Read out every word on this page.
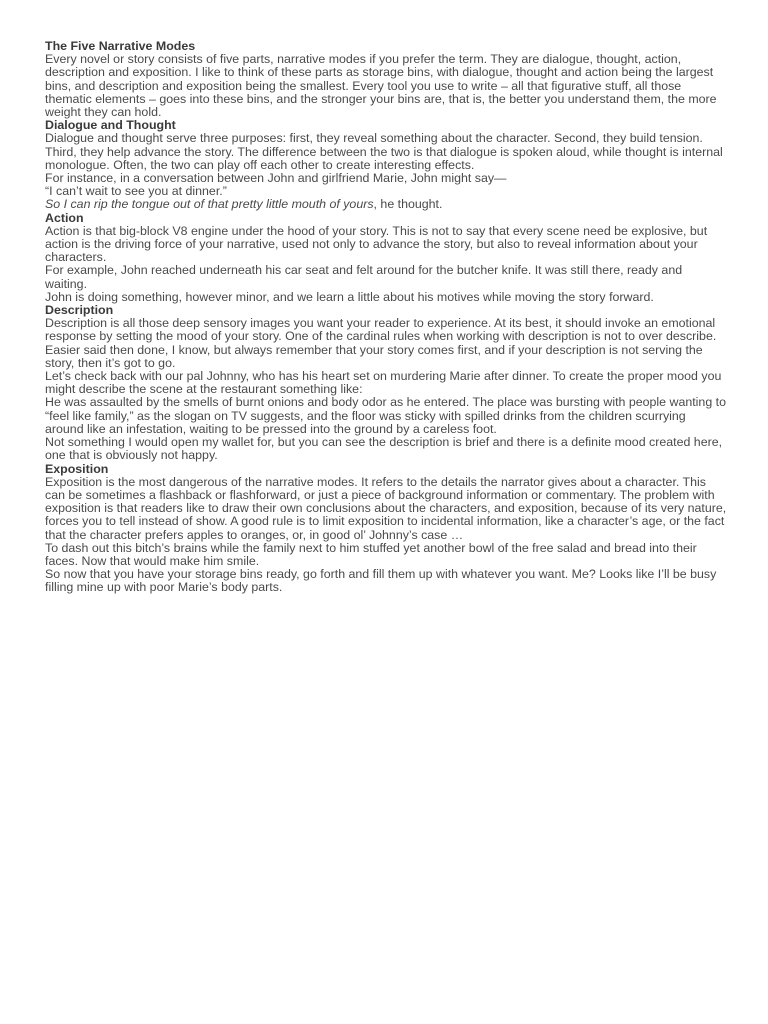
The Five Narrative Modes

Every novel or story consists of five parts, narrative modes if you prefer the term. They are dialogue, thought, action, description and exposition. I like to think of these parts as storage bins, with dialogue, thought and action being the largest bins, and description and exposition being the smallest. Every tool you use to write – all that figurative stuff, all those thematic elements – goes into these bins, and the stronger your bins are, that is, the better you understand them, the more weight they can hold.

Dialogue and Thought

Dialogue and thought serve three purposes: first, they reveal something about the character. Second, they build tension. Third, they help advance the story. The difference between the two is that dialogue is spoken aloud, while thought is internal monologue. Often, the two can play off each other to create interesting effects.

For instance, in a conversation between John and girlfriend Marie, John might say—

“I can’t wait to see you at dinner.”

So I can rip the tongue out of that pretty little mouth of yours, he thought.

Action

Action is that big-block V8 engine under the hood of your story. This is not to say that every scene need be explosive, but action is the driving force of your narrative, used not only to advance the story, but also to reveal information about your characters.

For example, John reached underneath his car seat and felt around for the butcher knife. It was still there, ready and waiting.

John is doing something, however minor, and we learn a little about his motives while moving the story forward.

Description

Description is all those deep sensory images you want your reader to experience. At its best, it should invoke an emotional response by setting the mood of your story. One of the cardinal rules when working with description is not to over describe. Easier said then done, I know, but always remember that your story comes first, and if your description is not serving the story, then it’s got to go.

Let’s check back with our pal Johnny, who has his heart set on murdering Marie after dinner. To create the proper mood you might describe the scene at the restaurant something like:

He was assaulted by the smells of burnt onions and body odor as he entered. The place was bursting with people wanting to “feel like family,” as the slogan on TV suggests, and the floor was sticky with spilled drinks from the children scurrying around like an infestation, waiting to be pressed into the ground by a careless foot.

Not something I would open my wallet for, but you can see the description is brief and there is a definite mood created here, one that is obviously not happy.

Exposition

Exposition is the most dangerous of the narrative modes. It refers to the details the narrator gives about a character. This can be sometimes a flashback or flashforward, or just a piece of background information or commentary. The problem with exposition is that readers like to draw their own conclusions about the characters, and exposition, because of its very nature, forces you to tell instead of show. A good rule is to limit exposition to incidental information, like a character’s age, or the fact that the character prefers apples to oranges, or, in good ol’ Johnny’s case …

To dash out this bitch’s brains while the family next to him stuffed yet another bowl of the free salad and bread into their faces. Now that would make him smile.

So now that you have your storage bins ready, go forth and fill them up with whatever you want. Me? Looks like I’ll be busy filling mine up with poor Marie’s body parts.
